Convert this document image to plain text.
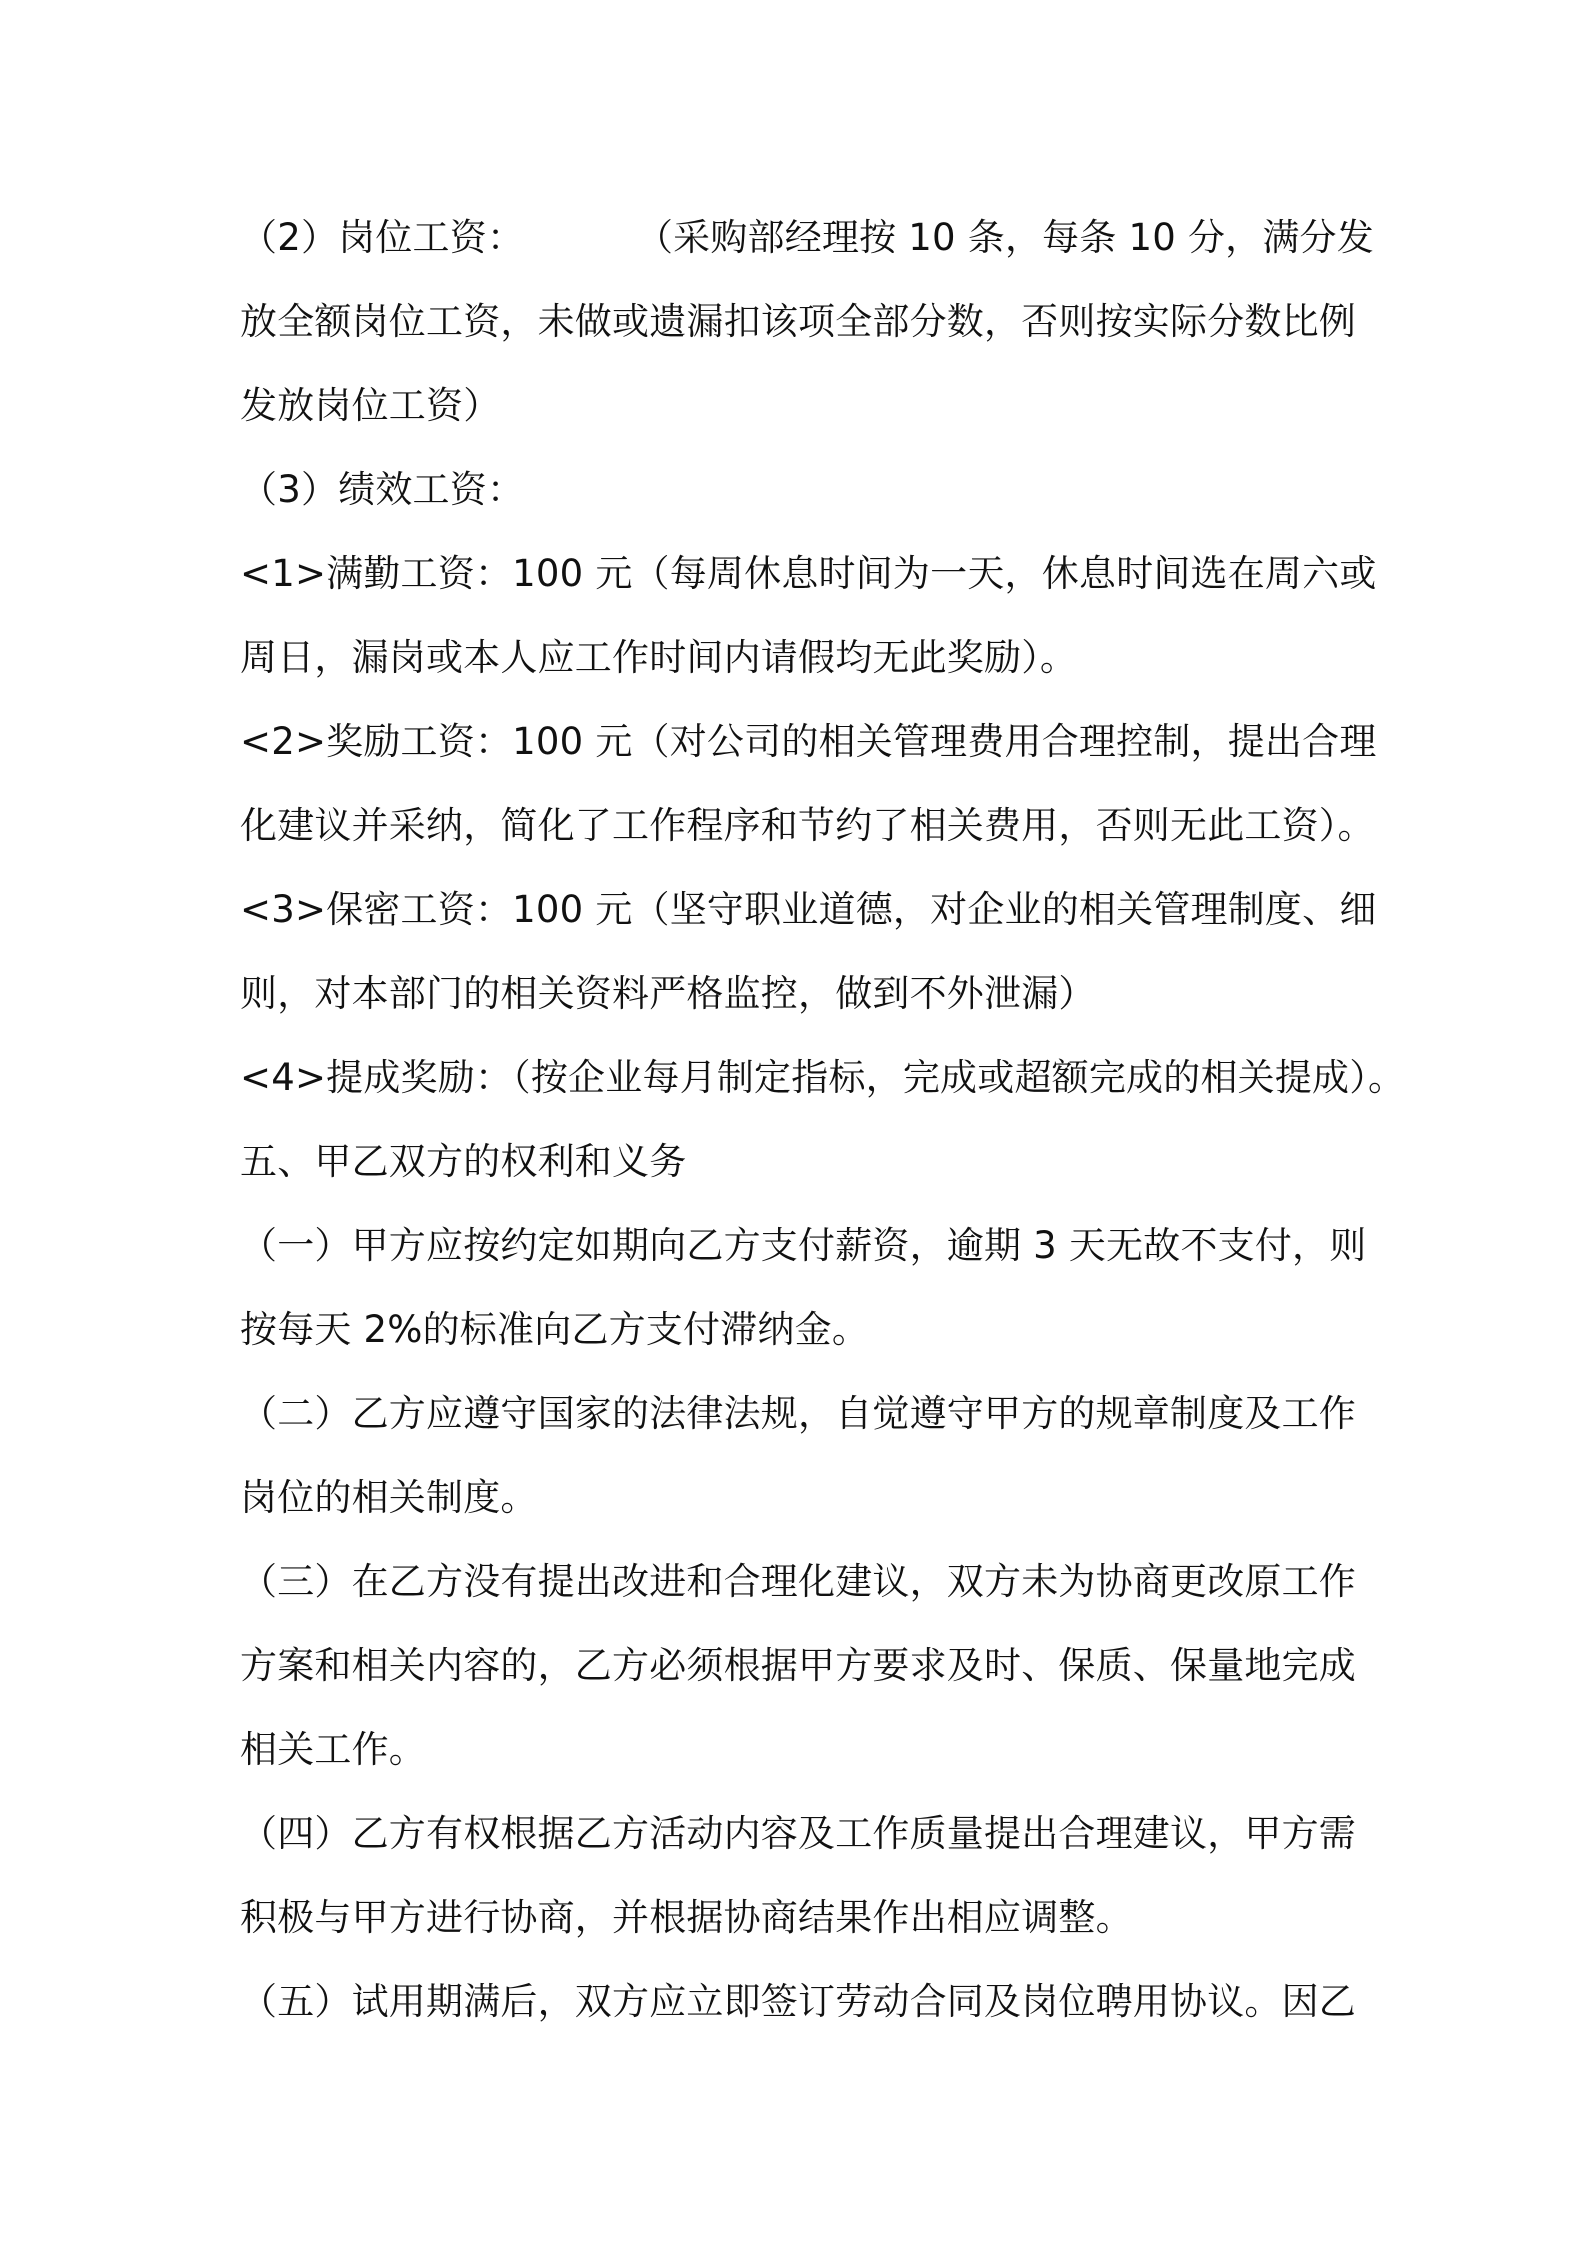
（2）岗位工资：　　　　（采购部经理按 10 条，每条 10 分，满分发
放全额岗位工资，未做或遗漏扣该项全部分数，否则按实际分数比例
发放岗位工资）
（3）绩效工资：
<1>满勤工资：100 元（每周休息时间为一天，休息时间选在周六或
周日，漏岗或本人应工作时间内请假均无此奖励）。
<2>奖励工资：100 元（对公司的相关管理费用合理控制，提出合理
化建议并采纳，简化了工作程序和节约了相关费用，否则无此工资）。
<3>保密工资：100 元（坚守职业道德，对企业的相关管理制度、细
则，对本部门的相关资料严格监控，做到不外泄漏）
<4>提成奖励：（按企业每月制定指标，完成或超额完成的相关提成）。
五、甲乙双方的权利和义务
（一）甲方应按约定如期向乙方支付薪资，逾期 3 天无故不支付，则
按每天 2%的标准向乙方支付滞纳金。
（二）乙方应遵守国家的法律法规，自觉遵守甲方的规章制度及工作
岗位的相关制度。
（三）在乙方没有提出改进和合理化建议，双方未为协商更改原工作
方案和相关内容的，乙方必须根据甲方要求及时、保质、保量地完成
相关工作。
（四）乙方有权根据乙方活动内容及工作质量提出合理建议，甲方需
积极与甲方进行协商，并根据协商结果作出相应调整。
（五）试用期满后，双方应立即签订劳动合同及岗位聘用协议。因乙
